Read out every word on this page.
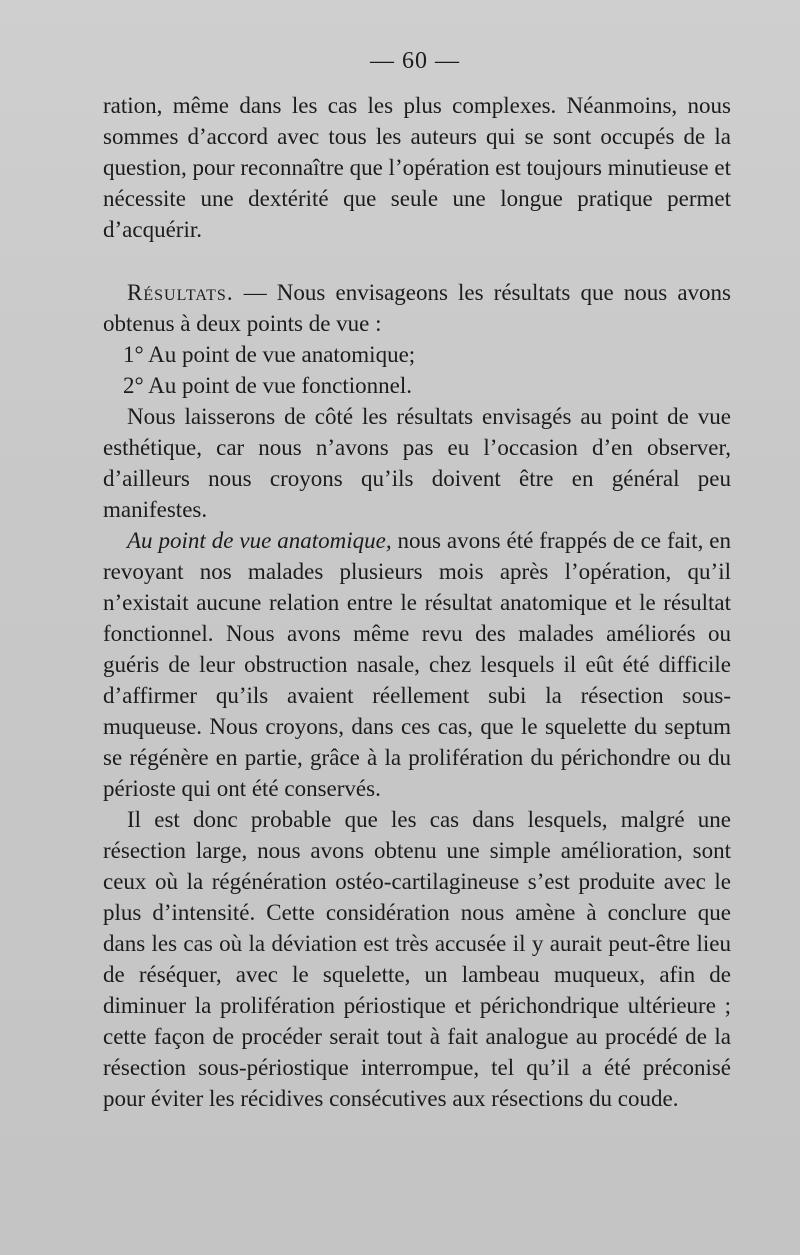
— 60 —

ration, même dans les cas les plus complexes. Néanmoins, nous sommes d’accord avec tous les auteurs qui se sont occupés de la question, pour reconnaître que l’opération est toujours minutieuse et nécessite une dextérité que seule une longue pratique permet d’acquérir.

Résultats. — Nous envisageons les résultats que nous avons obtenus à deux points de vue :

1° Au point de vue anatomique;

2° Au point de vue fonctionnel.

Nous laisserons de côté les résultats envisagés au point de vue esthétique, car nous n’avons pas eu l’occasion d’en observer, d’ailleurs nous croyons qu’ils doivent être en général peu manifestes.

Au point de vue anatomique, nous avons été frappés de ce fait, en revoyant nos malades plusieurs mois après l’opération, qu’il n’existait aucune relation entre le résultat anatomique et le résultat fonctionnel. Nous avons même revu des malades améliorés ou guéris de leur obstruction nasale, chez lesquels il eût été difficile d’affirmer qu’ils avaient réellement subi la résection sous-muqueuse. Nous croyons, dans ces cas, que le squelette du septum se régénère en partie, grâce à la prolifération du périchondre ou du périoste qui ont été conservés.

Il est donc probable que les cas dans lesquels, malgré une résection large, nous avons obtenu une simple amélioration, sont ceux où la régénération ostéo-cartilagineuse s’est produite avec le plus d’intensité. Cette considération nous amène à conclure que dans les cas où la déviation est très accusée il y aurait peut-être lieu de réséquer, avec le squelette, un lambeau muqueux, afin de diminuer la prolifération périostique et périchondrique ultérieure ; cette façon de procéder serait tout à fait analogue au procédé de la résection sous-périostique interrompue, tel qu’il a été préconisé pour éviter les récidives consécutives aux résections du coude.
